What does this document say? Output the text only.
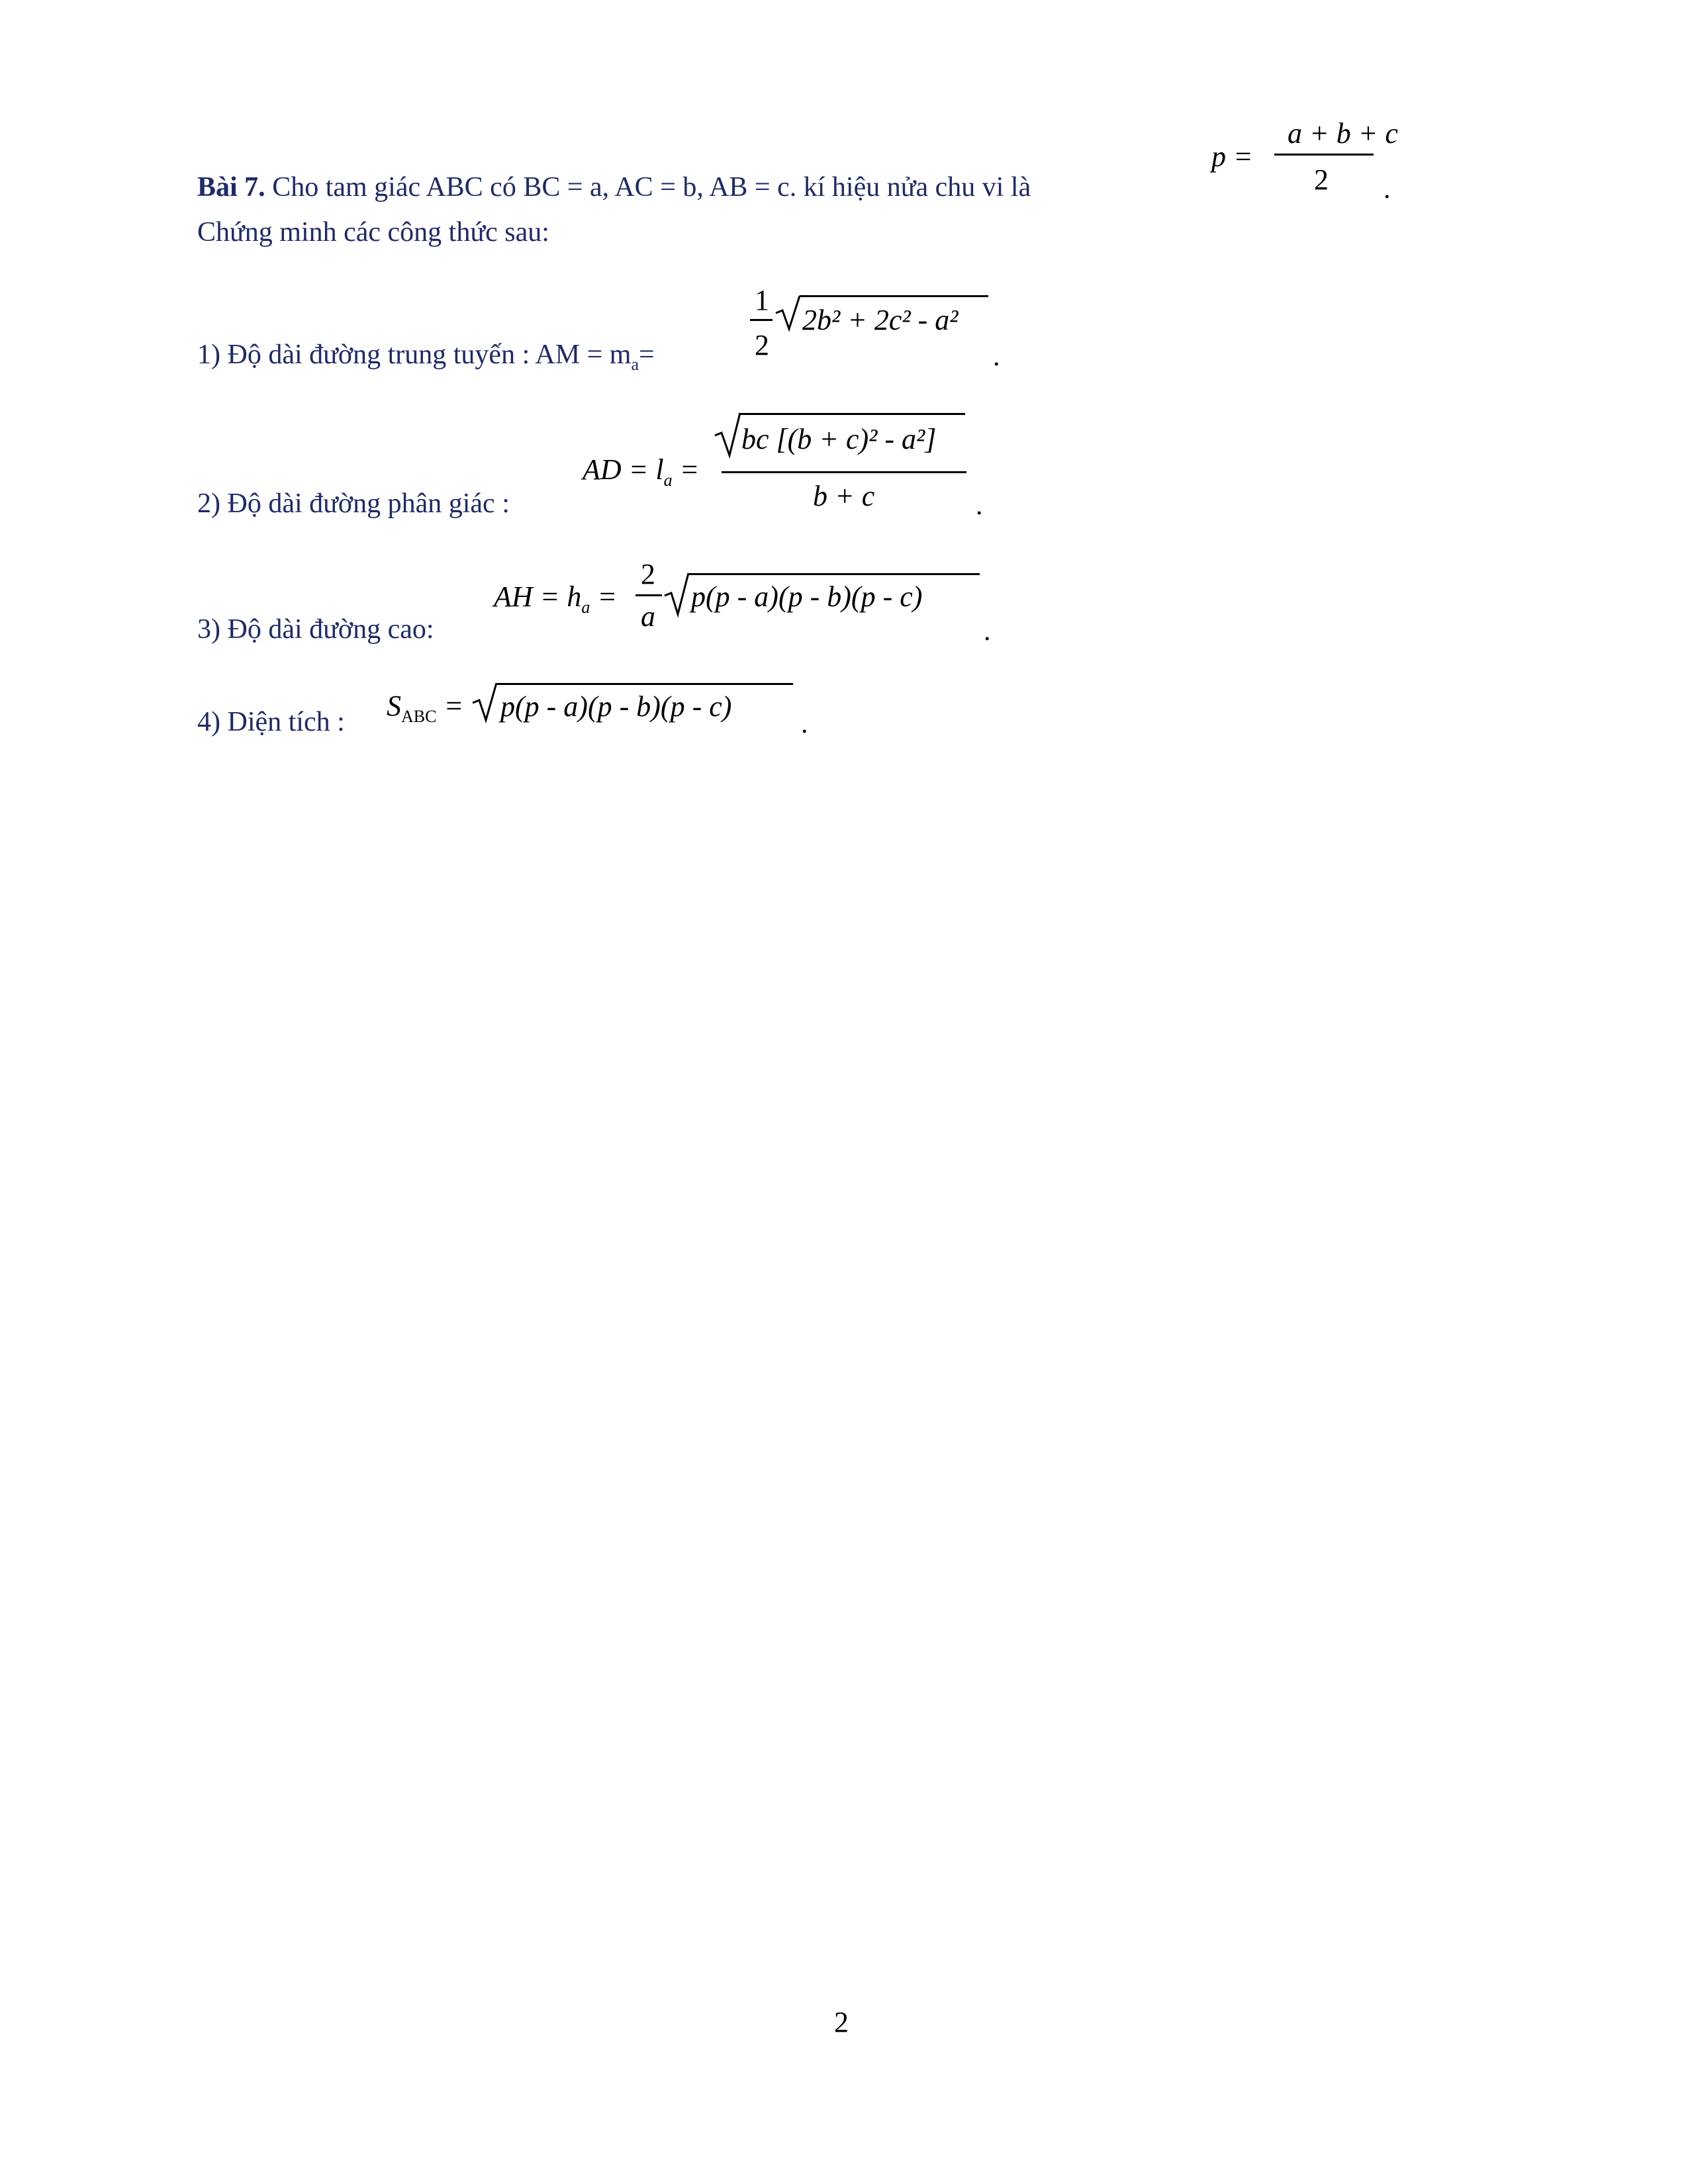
Bài 7. Cho tam giác ABC có BC = a, AC = b, AB = c. kí hiệu nửa chu vi là
p =
a + b + c
2 .
Chứng minh các công thức sau:
1) Độ dài đường trung tuyến : AM = $m_a=$
1
2
2b² + 2c² - a²
.
2) Độ dài đường phân giác :
AD = $l_a$ =
bc [(b + c)² - a²]
b + c	.
3) Độ dài đường cao:
AH = $h_a$ =
2
a
p(p - a)(p - b)(p - c)
.
4) Diện tích : $S_{ABC} = p(p - a)(p - b)(p - c)$
.
2
